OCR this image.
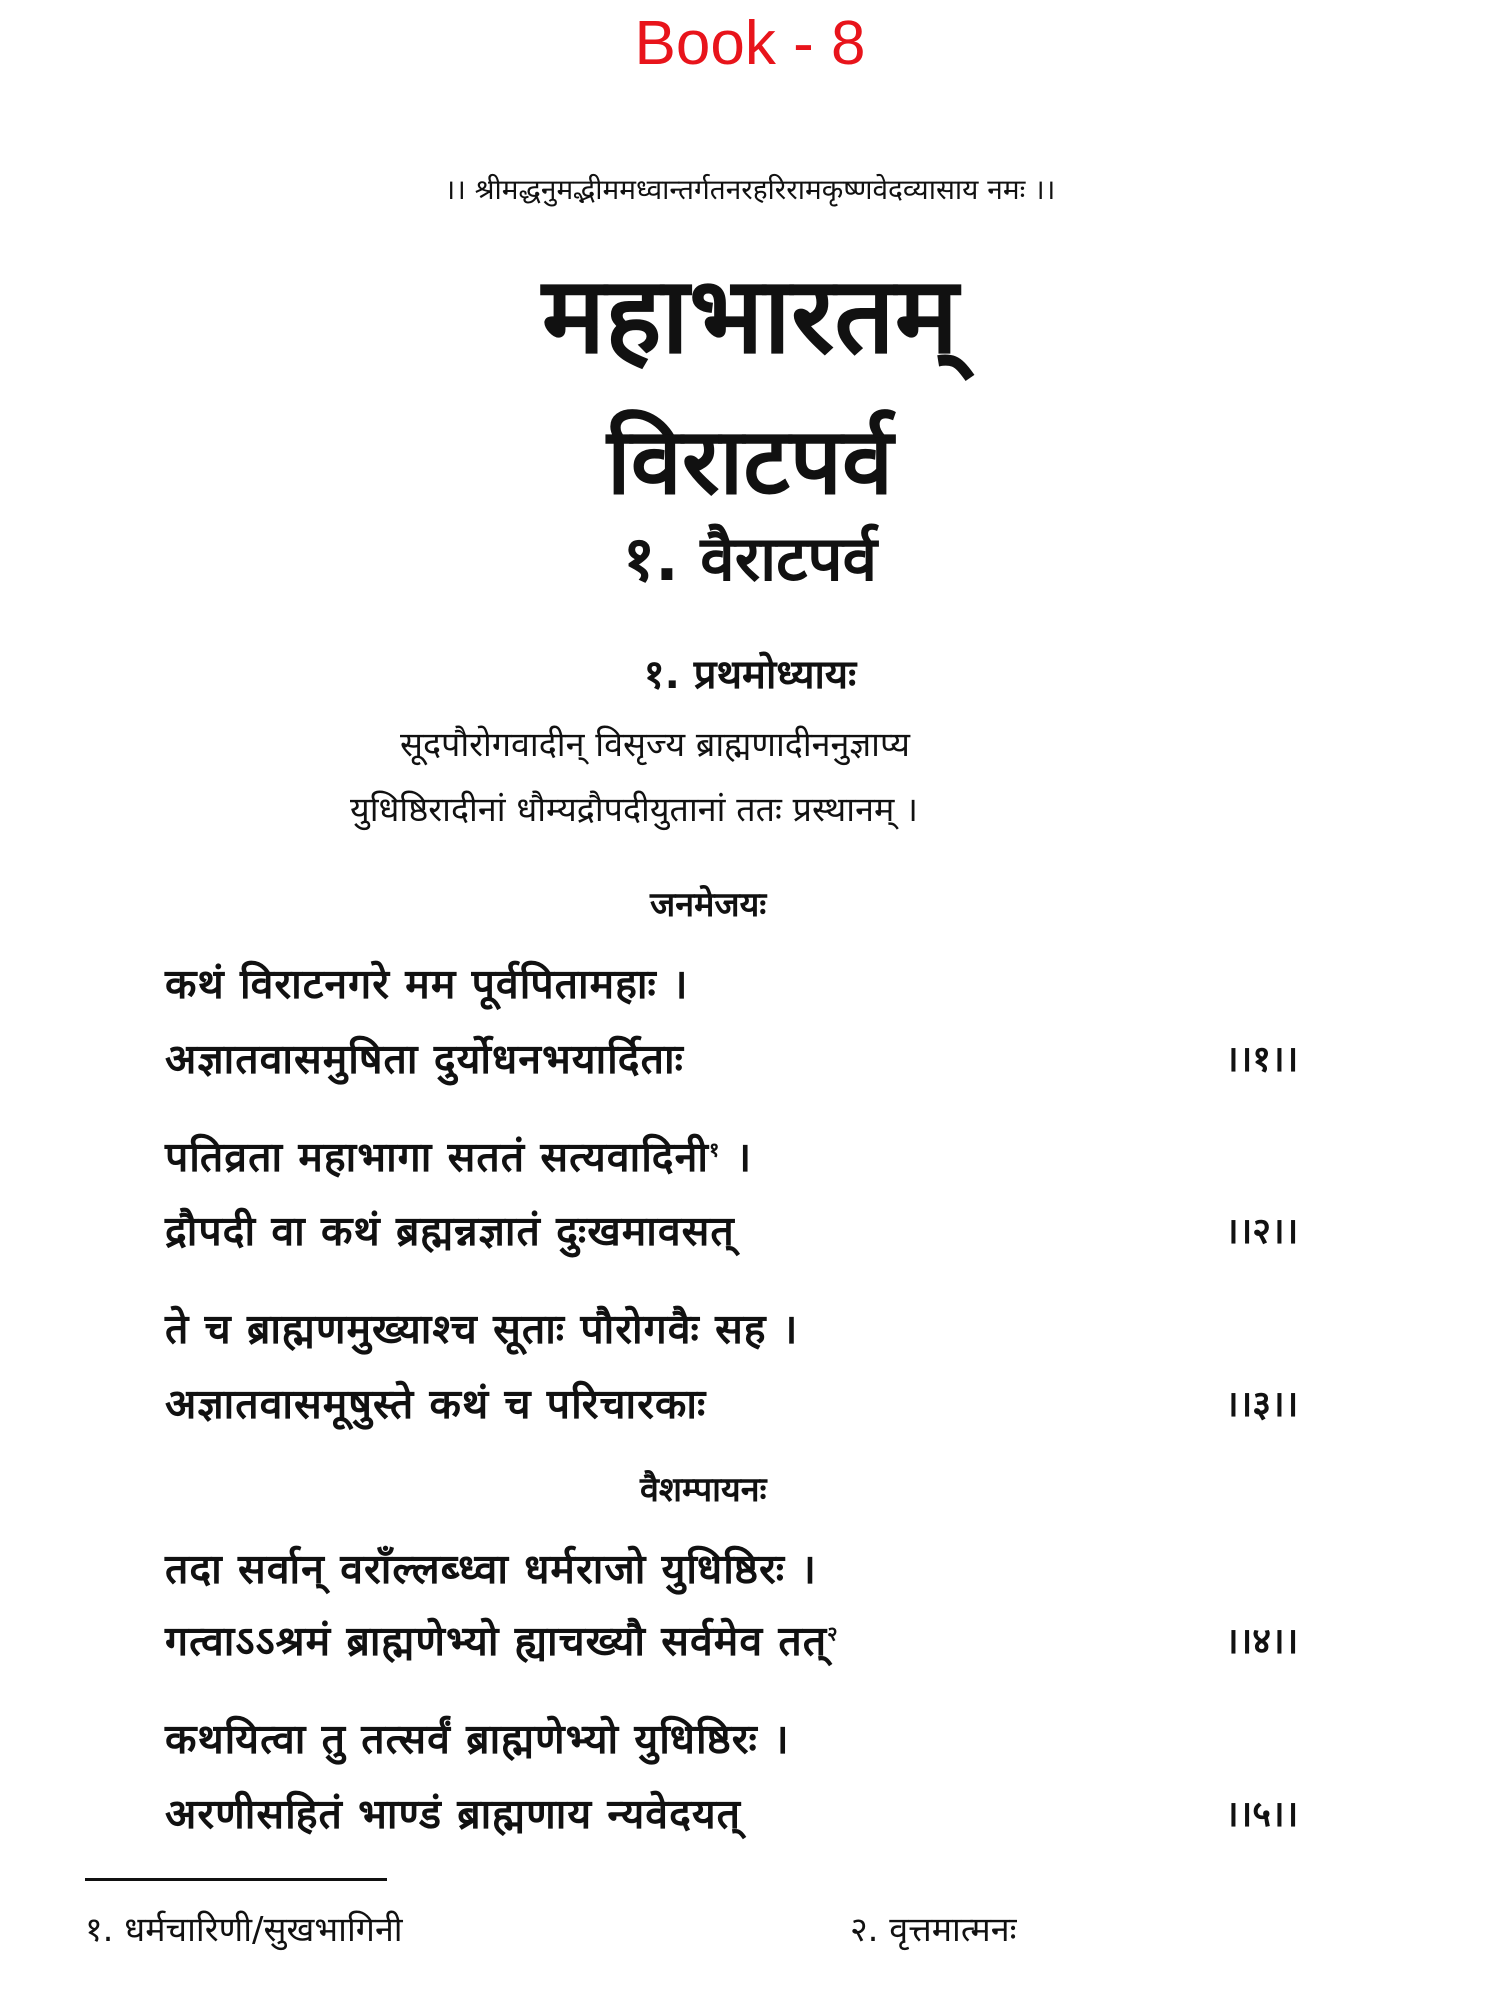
Book - 8
।। श्रीमद्धनुमद्भीममध्वान्तर्गतनरहरिरामकृष्णवेदव्यासाय नमः ।।
महाभारतम्
विराटपर्व
१. वैराटपर्व
१. प्रथमोध्यायः
सूदपौरोगवादीन् विसृज्य ब्राह्मणादीननुज्ञाप्य
युधिष्ठिरादीनां धौम्यद्रौपदीयुतानां ततः प्रस्थानम् ।
जनमेजयः
कथं विराटनगरे मम पूर्वपितामहाः ।
अज्ञातवासमुषिता दुर्योधनभयार्दिताः	।।१।।
पतिव्रता महाभागा सततं सत्यवादिनी$^१$ ।
द्रौपदी वा कथं ब्रह्मन्नज्ञातं दुःखमावसत्	।।२।।
ते च ब्राह्मणमुख्याश्च सूताः पौरोगवैः सह ।
अज्ञातवासमूषुस्ते कथं च परिचारकाः	।।३।।
वैशम्पायनः
तदा सर्वान् वराँल्लब्ध्वा धर्मराजो युधिष्ठिरः ।
गत्वाऽऽश्रमं ब्राह्मणेभ्यो ह्याचख्यौ सर्वमेव तत्$^२$	।।४।।
कथयित्वा तु तत्सर्वं ब्राह्मणेभ्यो युधिष्ठिरः ।
अरणीसहितं भाण्डं ब्राह्मणाय न्यवेदयत्	।।५।।
१. धर्मचारिणी/सुखभागिनी	२. वृत्तमात्मनः
